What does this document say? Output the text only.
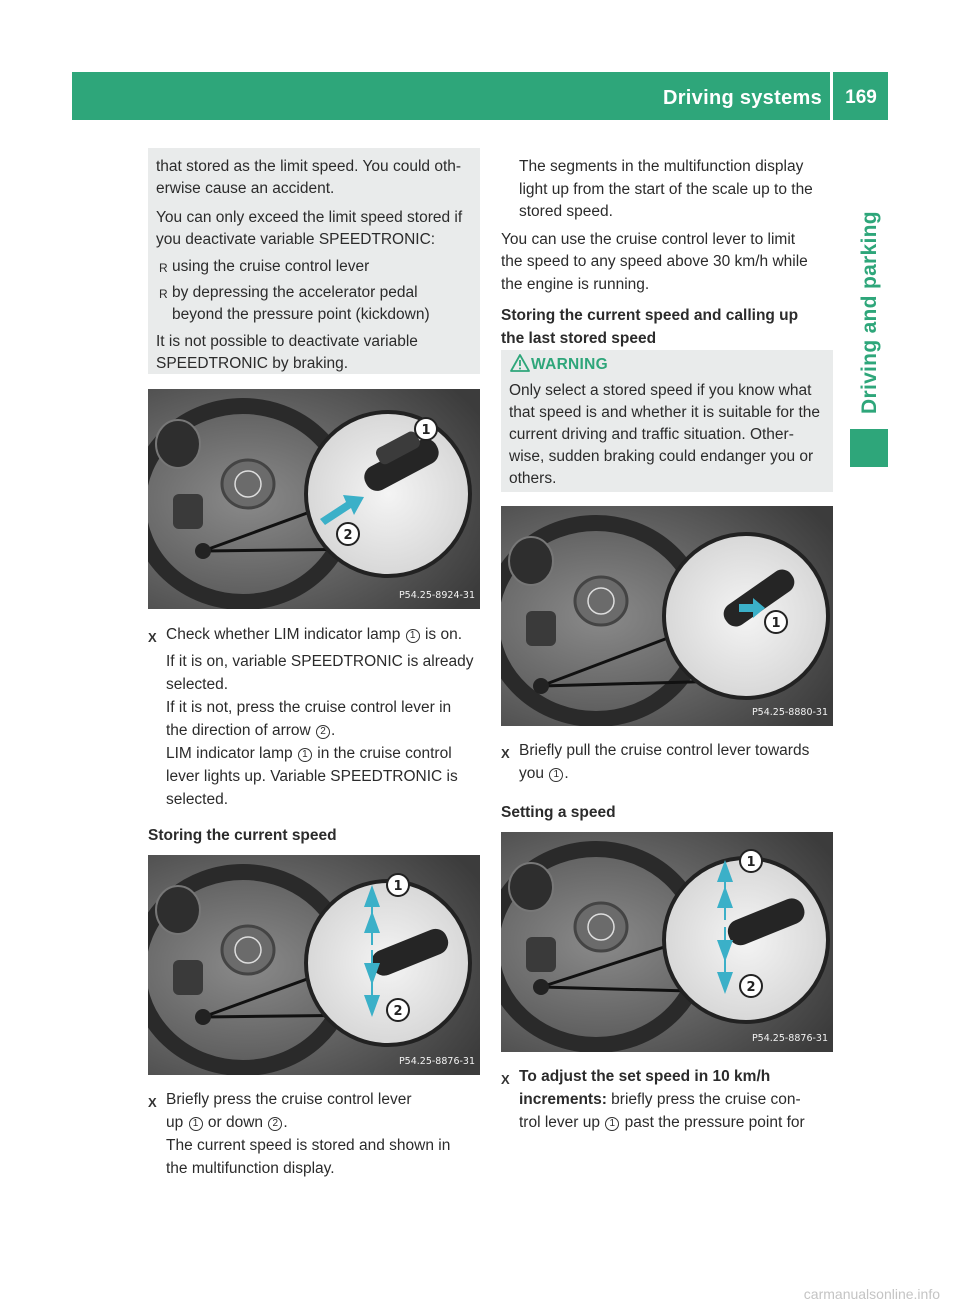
Driving systems	169
Driving and parking
that stored as the limit speed. You could oth-
erwise cause an accident.
You can only exceed the limit speed stored if
you deactivate variable SPEEDTRONIC:
R using the cruise control lever
R by depressing the accelerator pedal
beyond the pressure point (kickdown)
It is not possible to deactivate variable
SPEEDTRONIC by braking.
1
2
P54.25-8924-31
X Check whether LIM indicator lamp 1 is on.
If it is on, variable SPEEDTRONIC is already
selected.
If it is not, press the cruise control lever in
the direction of arrow 2 .
LIM indicator lamp 1 in the cruise control
lever lights up. Variable SPEEDTRONIC is
selected.
Storing the current speed
1
2
P54.25-8876-31
X Briefly press the cruise control lever
up 1 or down 2 .
The current speed is stored and shown in
the multifunction display.
The segments in the multifunction display
light up from the start of the scale up to the
stored speed.
You can use the cruise control lever to limit
the speed to any speed above 30 km/h while
the engine is running.
Storing the current speed and calling up
the last stored speed
WARNING
Only select a stored speed if you know what
that speed is and whether it is suitable for the
current driving and traffic situation. Other-
wise, sudden braking could endanger you or
others.
1
P54.25-8880-31
X Briefly pull the cruise control lever towards
you 1 .
Setting a speed
1
2
P54.25-8876-31
X To adjust the set speed in 10 km/h
increments: briefly press the cruise con-
trol lever up 1 past the pressure point for
carmanualsonline.info
